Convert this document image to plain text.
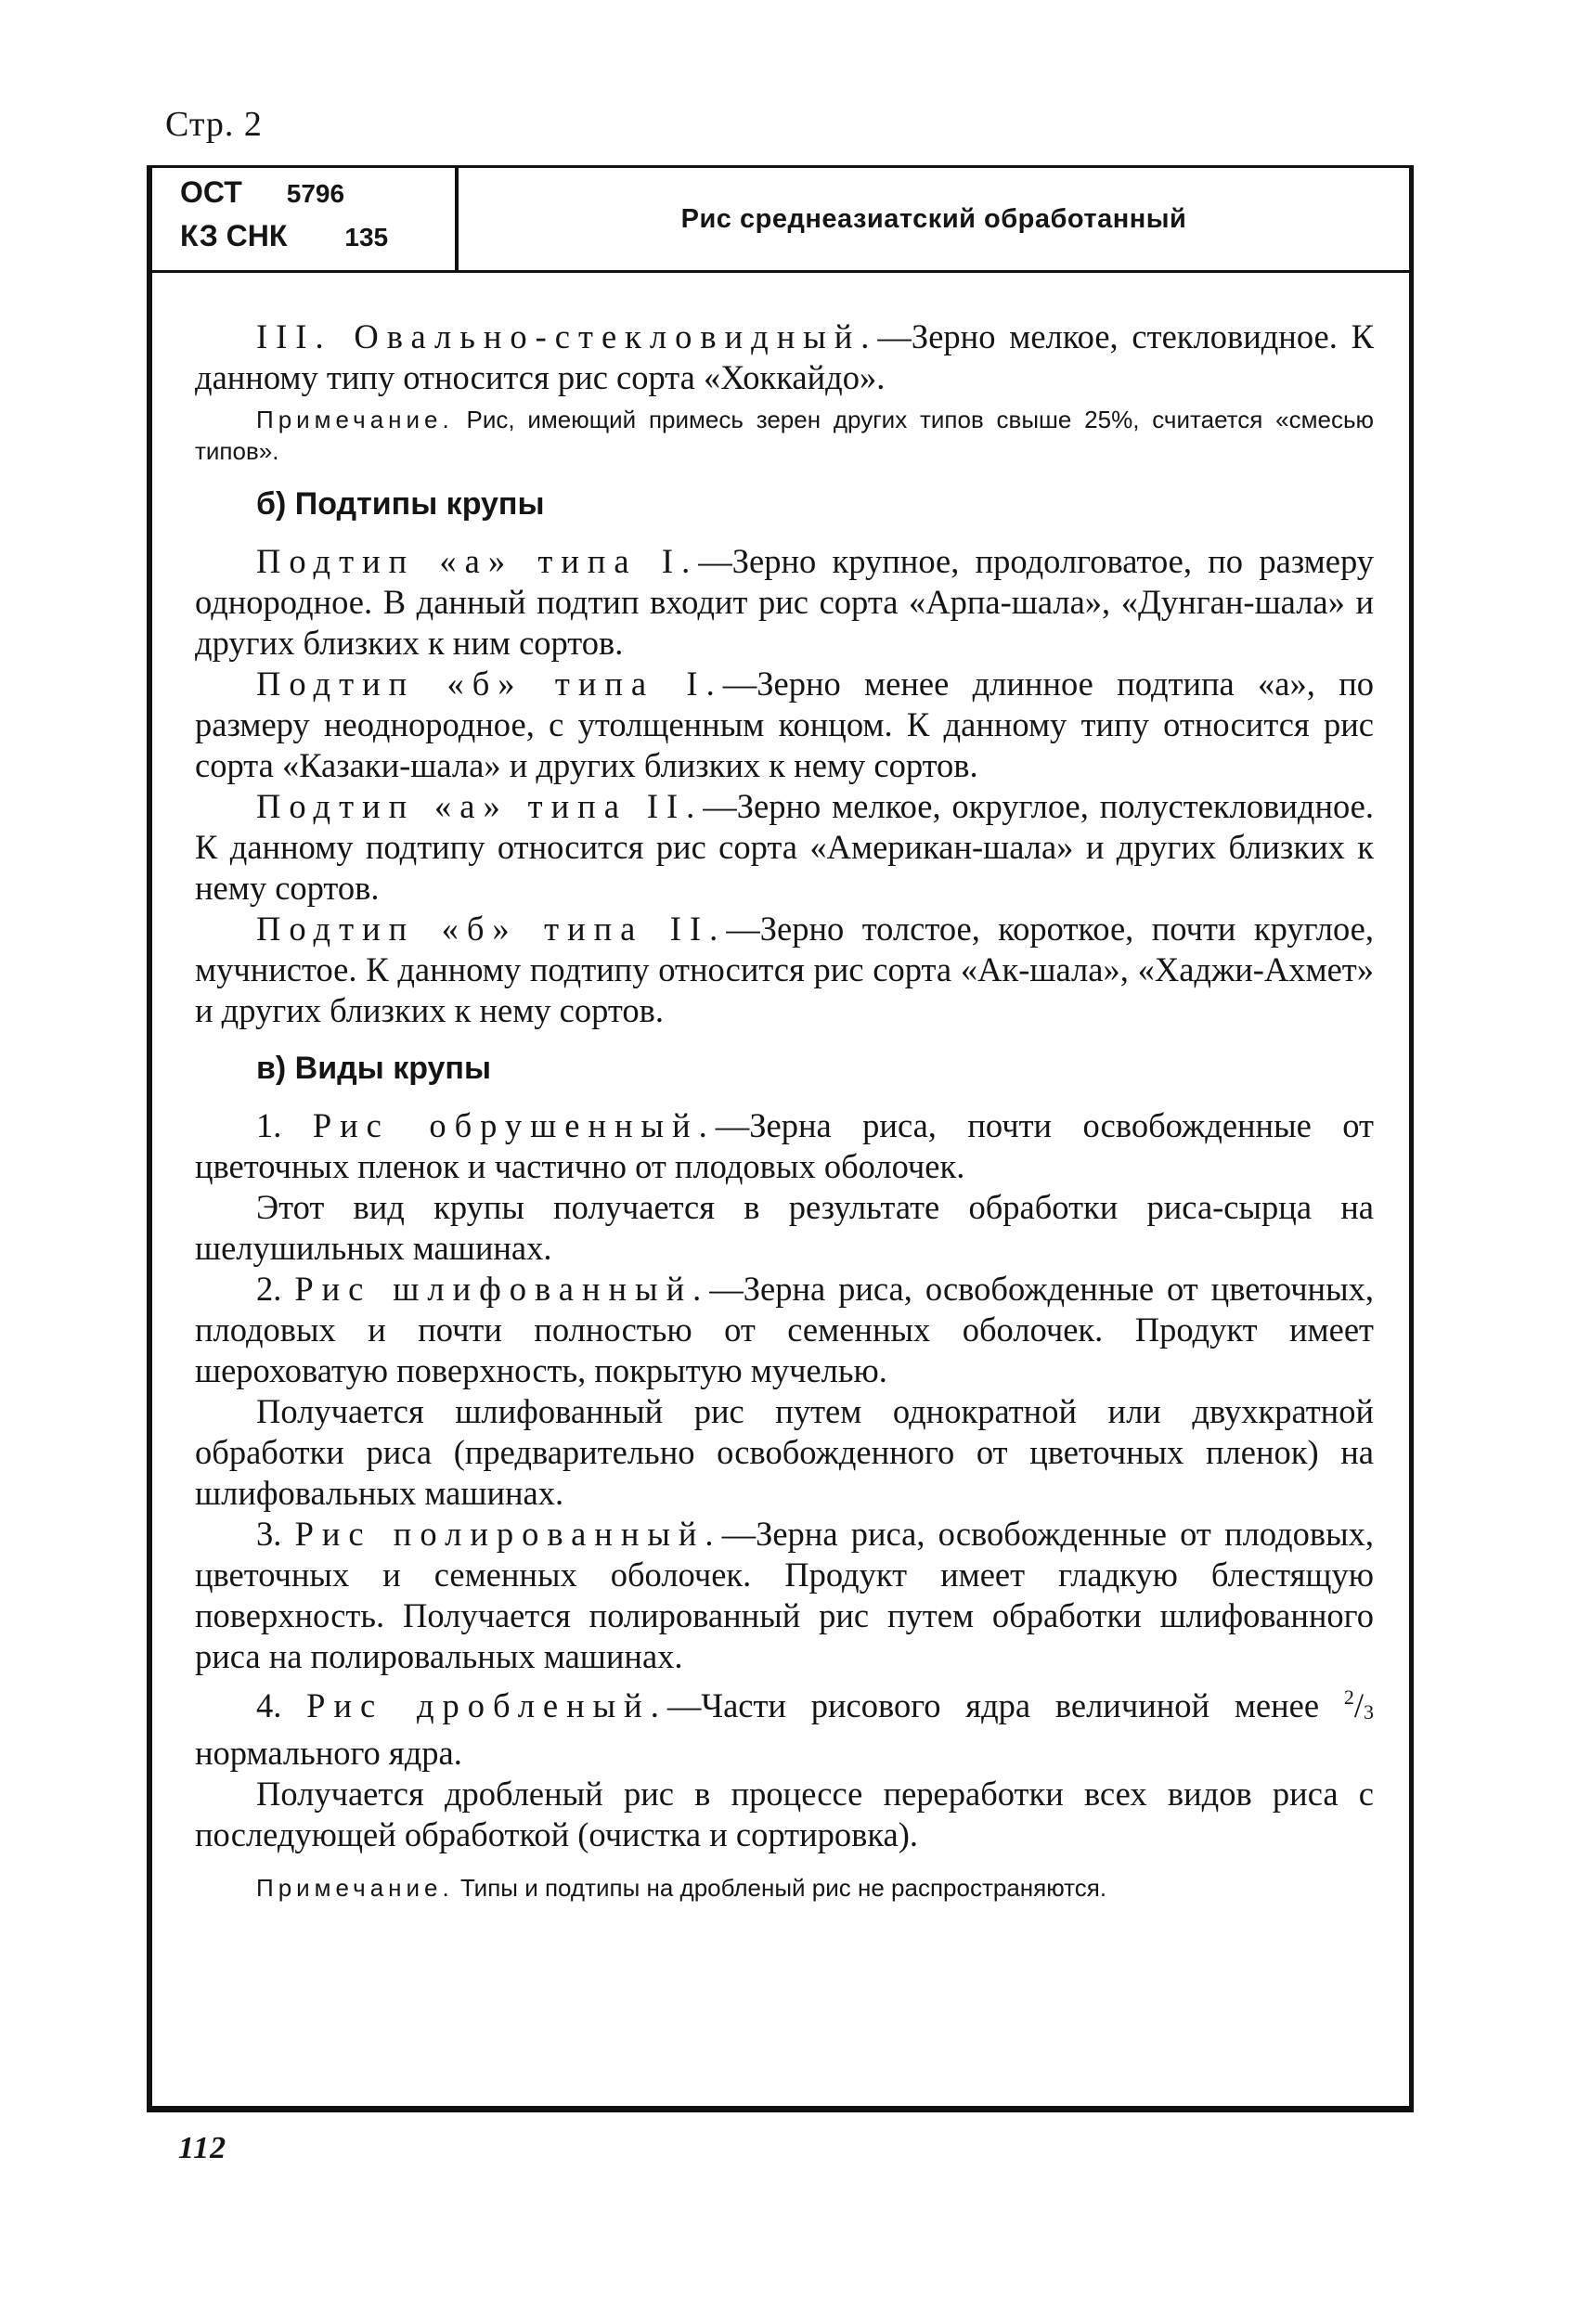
Стр. 2
ОСТ 5796
КЗ СНК 135
Рис среднеазиатский обработанный

III. Овально-стекловидный.—Зерно мелкое, стекловидное. К данному типу относится рис сорта «Хоккайдо».

Примечание. Рис, имеющий примесь зерен других типов свыше 25%, считается «смесью типов».

б) Подтипы крупы

Подтип «а» типа I.—Зерно крупное, продолговатое, по размеру однородное. В данный подтип входит рис сорта «Арпа-шала», «Дунган-шала» и других близких к ним сортов.

Подтип «б» типа I.—Зерно менее длинное подтипа «а», по размеру неоднородное, с утолщенным концом. К данному типу относится рис сорта «Казаки-шала» и других близких к нему сортов.

Подтип «а» типа II.—Зерно мелкое, округлое, полустекловидное. К данному подтипу относится рис сорта «Американ-шала» и других близких к нему сортов.

Подтип «б» типа II.—Зерно толстое, короткое, почти круглое, мучнистое. К данному подтипу относится рис сорта «Ак-шала», «Хаджи-Ахмет» и других близких к нему сортов.

в) Виды крупы

1. Рис обрушенный.—Зерна риса, почти освобожденные от цветочных пленок и частично от плодовых оболочек.

Этот вид крупы получается в результате обработки риса-сырца на шелушильных машинах.

2. Рис шлифованный.—Зерна риса, освобожденные от цветочных, плодовых и почти полностью от семенных оболочек. Продукт имеет шероховатую поверхность, покрытую мучелью.

Получается шлифованный рис путем однократной или двухкратной обработки риса (предварительно освобожденного от цветочных пленок) на шлифовальных машинах.

3. Рис полированный.—Зерна риса, освобожденные от плодовых, цветочных и семенных оболочек. Продукт имеет гладкую блестящую поверхность. Получается полированный рис путем обработки шлифованного риса на полировальных машинах.

4. Рис дробленый.—Части рисового ядра величиной менее $^2/_3$ нормального ядра.

Получается дробленый рис в процессе переработки всех видов риса с последующей обработкой (очистка и сортировка).

Примечание. Типы и подтипы на дробленый рис не распространяются.

112
